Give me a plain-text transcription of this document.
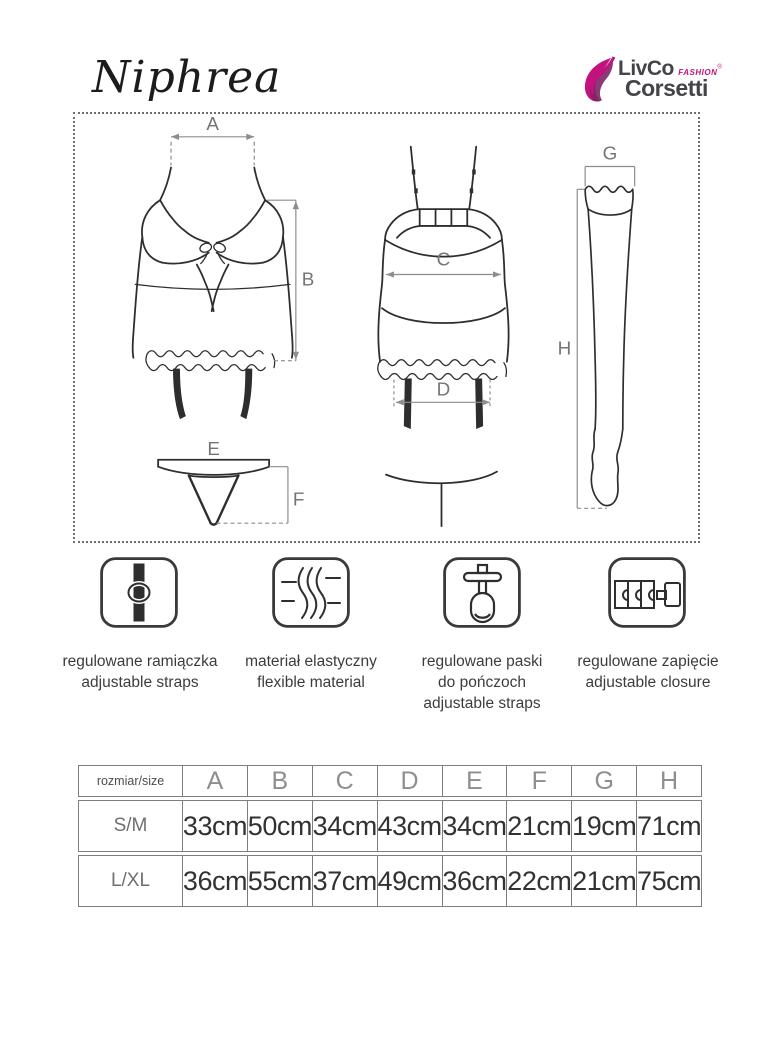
Niphrea	LivCo FASHION®
Corsetti
A
B
C
D
E
F
G
H
regulowane ramiączka
adjustable straps
materiał elastyczny
flexible material
regulowane paski
do pończoch
adjustable straps
regulowane zapięcie
adjustable closure
rozmiar/size	A	B	C	D	E	F	G	H
S/M	33cm 50cm 34cm 43cm 34cm 21cm 19cm 71cm
L/XL	36cm 55cm 37cm 49cm 36cm 22cm 21cm 75cm
